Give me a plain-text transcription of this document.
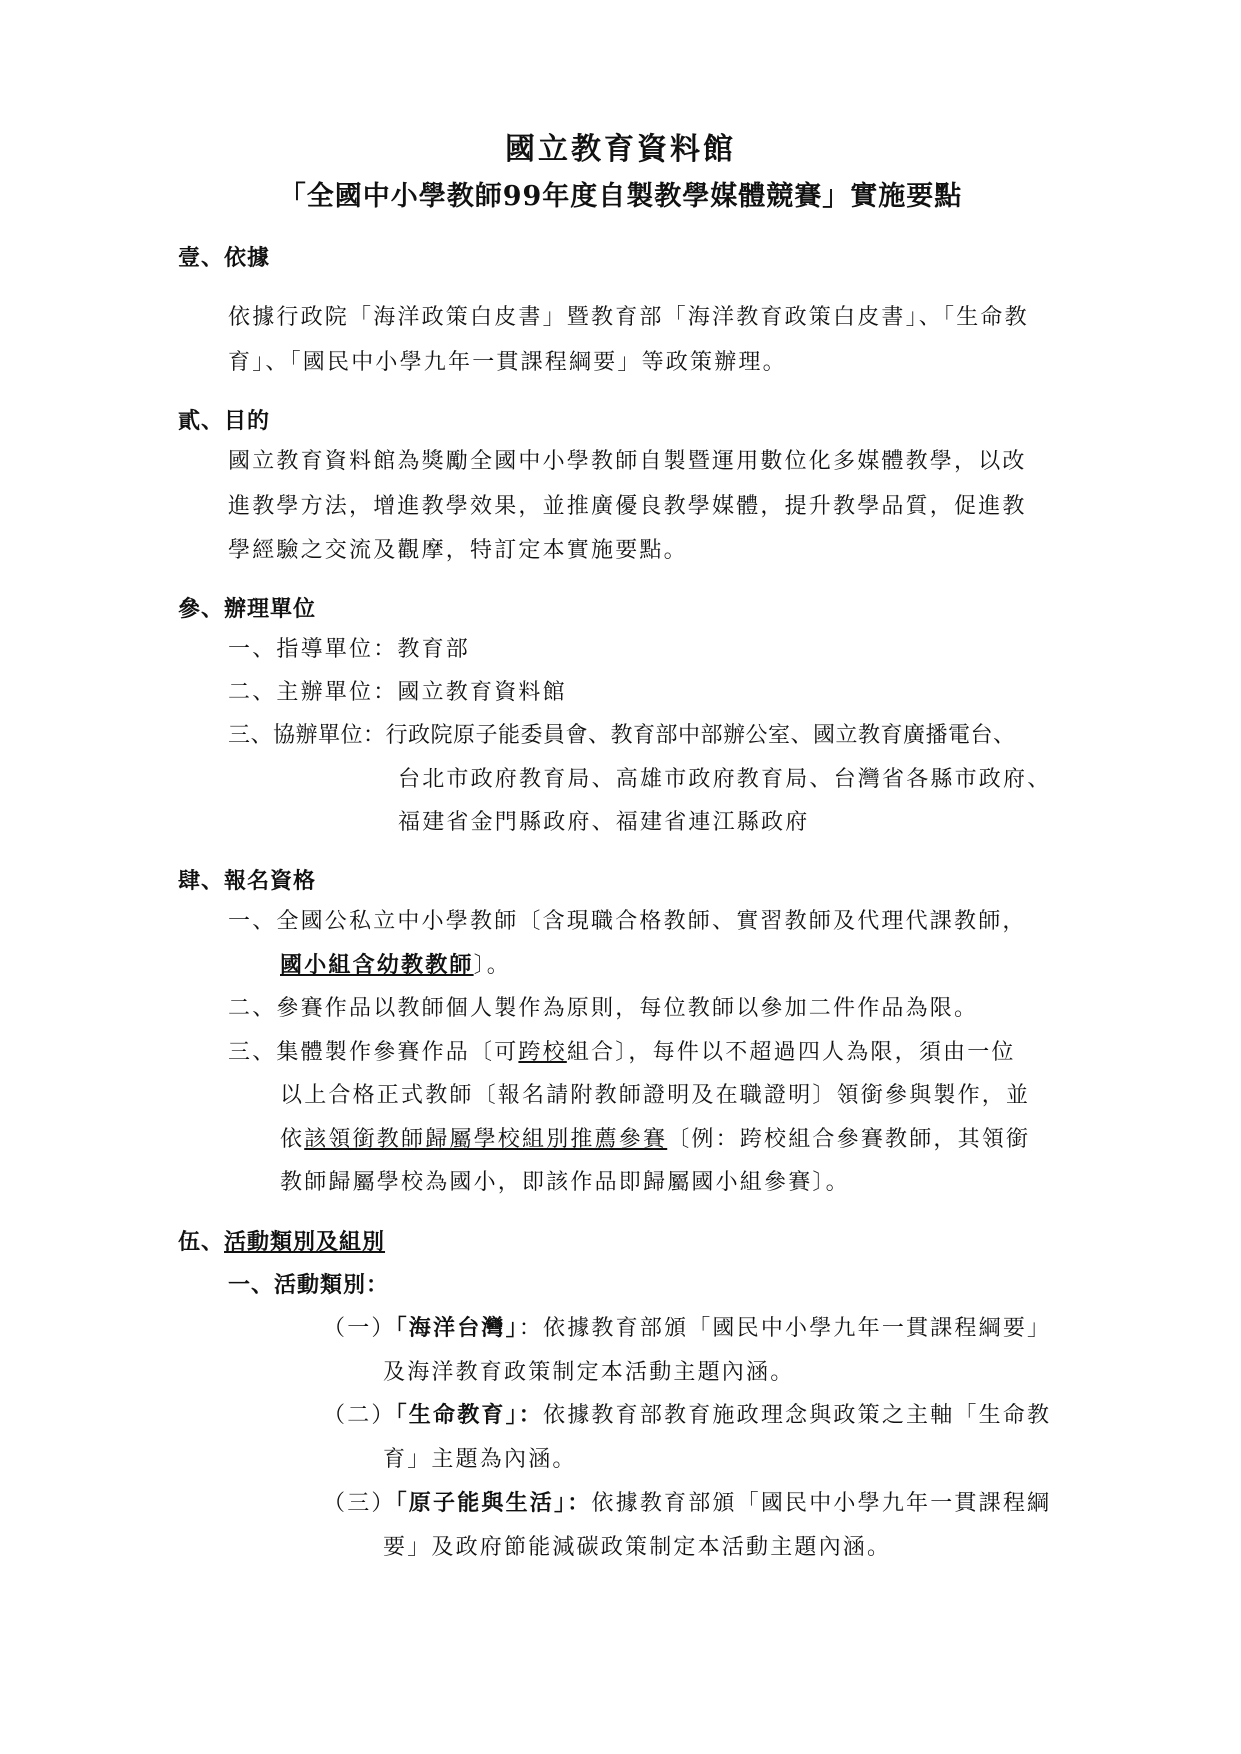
國立教育資料館
「全國中小學教師99年度自製教學媒體競賽」實施要點
壹、依據
依據行政院「海洋政策白皮書」暨教育部「海洋教育政策白皮書」、「生命教
育」、「國民中小學九年一貫課程綱要」等政策辦理。
貳、目的
國立教育資料館為獎勵全國中小學教師自製暨運用數位化多媒體教學，以改
進教學方法，增進教學效果，並推廣優良教學媒體，提升教學品質，促進教
學經驗之交流及觀摩，特訂定本實施要點。
參、辦理單位
一、指導單位：教育部
二、主辦單位：國立教育資料館
三、協辦單位：行政院原子能委員會、教育部中部辦公室、國立教育廣播電台、
台北市政府教育局、高雄市政府教育局、台灣省各縣市政府、
福建省金門縣政府、福建省連江縣政府
肆、報名資格
一、全國公私立中小學教師〔含現職合格教師、實習教師及代理代課教師，
國小組含幼教教師〕。
二、參賽作品以教師個人製作為原則，每位教師以參加二件作品為限。
三、集體製作參賽作品〔可跨校組合〕，每件以不超過四人為限，須由一位
以上合格正式教師〔報名請附教師證明及在職證明〕領銜參與製作，並
依該領銜教師歸屬學校組別推薦參賽〔例：跨校組合參賽教師，其領銜
教師歸屬學校為國小，即該作品即歸屬國小組參賽〕。
伍、活動類別及組別
一、活動類別：
（一）「海洋台灣」：依據教育部頒「國民中小學九年一貫課程綱要」
及海洋教育政策制定本活動主題內涵。
（二）「生命教育」：依據教育部教育施政理念與政策之主軸「生命教
育」主題為內涵。
（三）「原子能與生活」：依據教育部頒「國民中小學九年一貫課程綱
要」及政府節能減碳政策制定本活動主題內涵。
